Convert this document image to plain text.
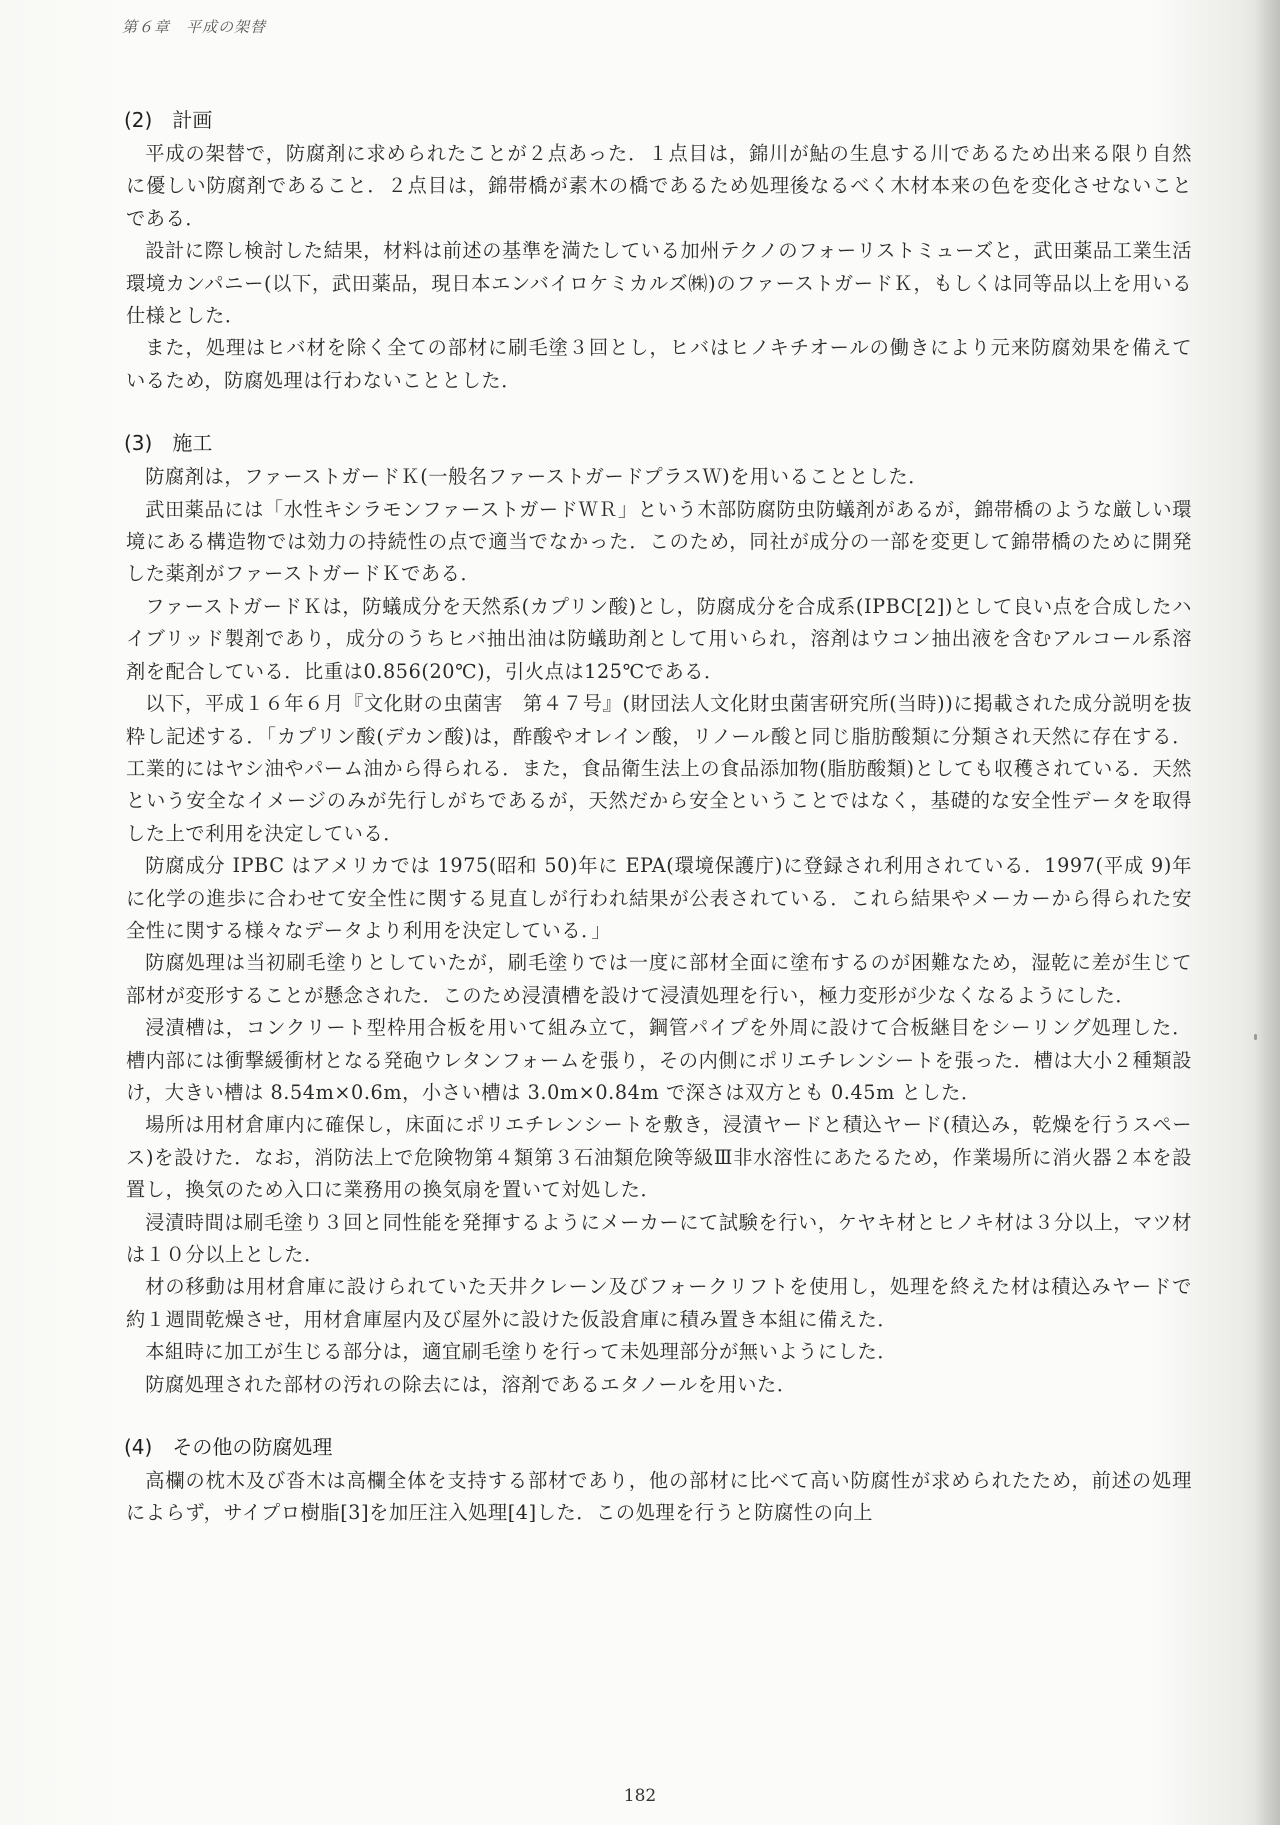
第６章　平成の架替
(2)　計画

平成の架替で，防腐剤に求められたことが２点あった．１点目は，錦川が鮎の生息する川であるため出来る限り自然に優しい防腐剤であること．２点目は，錦帯橋が素木の橋であるため処理後なるべく木材本来の色を変化させないことである．

設計に際し検討した結果，材料は前述の基準を満たしている加州テクノのフォーリストミューズと，武田薬品工業生活環境カンパニー(以下，武田薬品，現日本エンバイロケミカルズ㈱)のファーストガードＫ，もしくは同等品以上を用いる仕様とした．

また，処理はヒバ材を除く全ての部材に刷毛塗３回とし，ヒバはヒノキチオールの働きにより元来防腐効果を備えているため，防腐処理は行わないこととした．

(3)　施工

防腐剤は，ファーストガードＫ(一般名ファーストガードプラスＷ)を用いることとした．

武田薬品には「水性キシラモンファーストガードＷＲ」という木部防腐防虫防蟻剤があるが，錦帯橋のような厳しい環境にある構造物では効力の持続性の点で適当でなかった．このため，同社が成分の一部を変更して錦帯橋のために開発した薬剤がファーストガードＫである．

ファーストガードＫは，防蟻成分を天然系(カプリン酸)とし，防腐成分を合成系(IPBC[2])として良い点を合成したハイブリッド製剤であり，成分のうちヒバ抽出油は防蟻助剤として用いられ，溶剤はウコン抽出液を含むアルコール系溶剤を配合している．比重は0.856(20℃)，引火点は125℃である．

以下，平成１６年６月『文化財の虫菌害　第４７号』(財団法人文化財虫菌害研究所(当時))に掲載された成分説明を抜粋し記述する．「カプリン酸(デカン酸)は，酢酸やオレイン酸，リノール酸と同じ脂肪酸類に分類され天然に存在する．工業的にはヤシ油やパーム油から得られる．また，食品衛生法上の食品添加物(脂肪酸類)としても収穫されている．天然という安全なイメージのみが先行しがちであるが，天然だから安全ということではなく，基礎的な安全性データを取得した上で利用を決定している．

防腐成分 IPBC はアメリカでは 1975(昭和 50)年に EPA(環境保護庁)に登録され利用されている．1997(平成 9)年に化学の進歩に合わせて安全性に関する見直しが行われ結果が公表されている．これら結果やメーカーから得られた安全性に関する様々なデータより利用を決定している．」

防腐処理は当初刷毛塗りとしていたが，刷毛塗りでは一度に部材全面に塗布するのが困難なため，湿乾に差が生じて部材が変形することが懸念された．このため浸漬槽を設けて浸漬処理を行い，極力変形が少なくなるようにした．

浸漬槽は，コンクリート型枠用合板を用いて組み立て，鋼管パイプを外周に設けて合板継目をシーリング処理した．槽内部には衝撃緩衝材となる発砲ウレタンフォームを張り，その内側にポリエチレンシートを張った．槽は大小２種類設け，大きい槽は 8.54m×0.6m，小さい槽は 3.0m×0.84m で深さは双方とも 0.45m とした．

場所は用材倉庫内に確保し，床面にポリエチレンシートを敷き，浸漬ヤードと積込ヤード(積込み，乾燥を行うスペース)を設けた．なお，消防法上で危険物第４類第３石油類危険等級Ⅲ非水溶性にあたるため，作業場所に消火器２本を設置し，換気のため入口に業務用の換気扇を置いて対処した．

浸漬時間は刷毛塗り３回と同性能を発揮するようにメーカーにて試験を行い，ケヤキ材とヒノキ材は３分以上，マツ材は１０分以上とした．

材の移動は用材倉庫に設けられていた天井クレーン及びフォークリフトを使用し，処理を終えた材は積込みヤードで約１週間乾燥させ，用材倉庫屋内及び屋外に設けた仮設倉庫に積み置き本組に備えた．

本組時に加工が生じる部分は，適宜刷毛塗りを行って未処理部分が無いようにした．

防腐処理された部材の汚れの除去には，溶剤であるエタノールを用いた．

(4)　その他の防腐処理

高欄の枕木及び沓木は高欄全体を支持する部材であり，他の部材に比べて高い防腐性が求められたため，前述の処理によらず，サイプロ樹脂[3]を加圧注入処理[4]した．この処理を行うと防腐性の向上

182
